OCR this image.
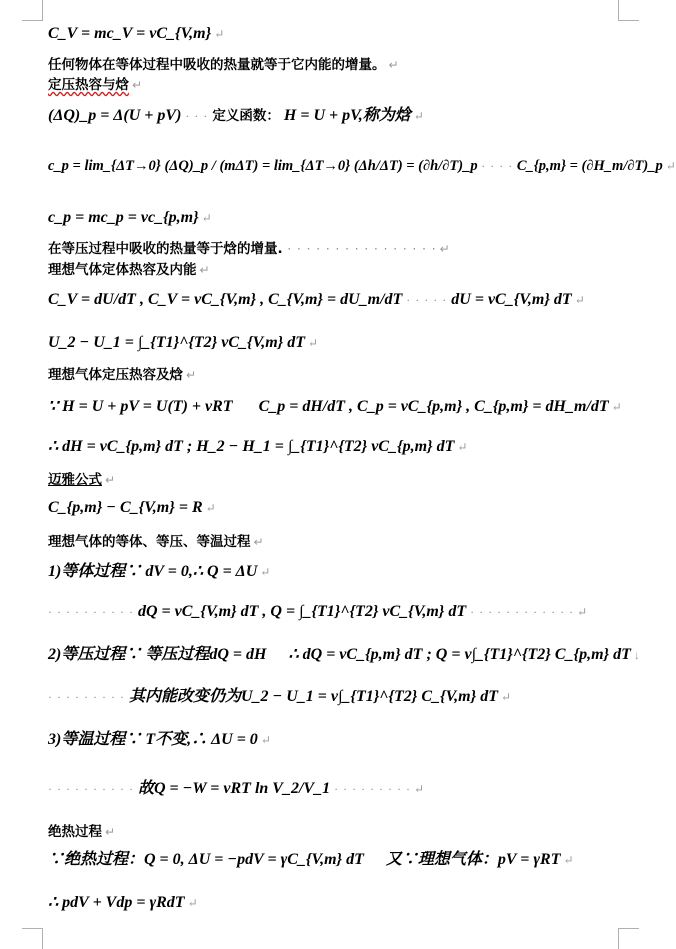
C_V = mc_V = νC_{V,m} ↵
任何物体在等体过程中吸收的热量就等于它内能的增量。 ↵
定压热容与焓 ↵
(ΔQ)_p = Δ(U + pV) · · · 定义函数： H = U + pV,称为焓 ↵
c_p = lim_{ΔT→0} (ΔQ)_p / (mΔT) = lim_{ΔT→0} (Δh/ΔT) = (∂h/∂T)_p · · · · C_{p,m} = (∂H_m/∂T)_p ↵
c_p = mc_p = νc_{p,m} ↵
在等压过程中吸收的热量等于焓的增量. · · · · · · · · · · · · · · · · ↵
理想气体定体热容及内能 ↵
C_V = dU/dT , C_V = νC_{V,m} , C_{V,m} = dU_m/dT · · · · · dU = νC_{V,m} dT ↵
U_2 − U_1 = ∫_{T1}^{T2} νC_{V,m} dT ↵
理想气体定压热容及焓 ↵
∵ H = U + pV = U(T) + νRT C_p = dH/dT , C_p = νC_{p,m} , C_{p,m} = dH_m/dT ↵
∴ dH = νC_{p,m} dT ; H_2 − H_1 = ∫_{T1}^{T2} νC_{p,m} dT ↵
迈雅公式 ↵
C_{p,m} − C_{V,m} = R ↵
理想气体的等体、等压、等温过程 ↵
1)等体过程∵ dV = 0,∴ Q = ΔU ↵
· · · · · · · · · · dQ = νC_{V,m} dT , Q = ∫_{T1}^{T2} νC_{V,m} dT · · · · · · · · · · · · ↵
2)等压过程∵ 等压过程dQ = dH ∴ dQ = νC_{p,m} dT ; Q = ν∫_{T1}^{T2} C_{p,m} dT ↓
· · · · · · · · · 其内能改变仍为U_2 − U_1 = ν∫_{T1}^{T2} C_{V,m} dT ↵
3)等温过程∵ T不变,∴ ΔU = 0 ↵
· · · · · · · · · · 故Q = −W = νRT ln V_2/V_1 · · · · · · · · · ↵
绝热过程 ↵
∵绝热过程：Q = 0, ΔU = −pdV = γC_{V,m} dT 又∵理想气体：pV = γRT ↵
∴ pdV + Vdp = γRdT ↵
